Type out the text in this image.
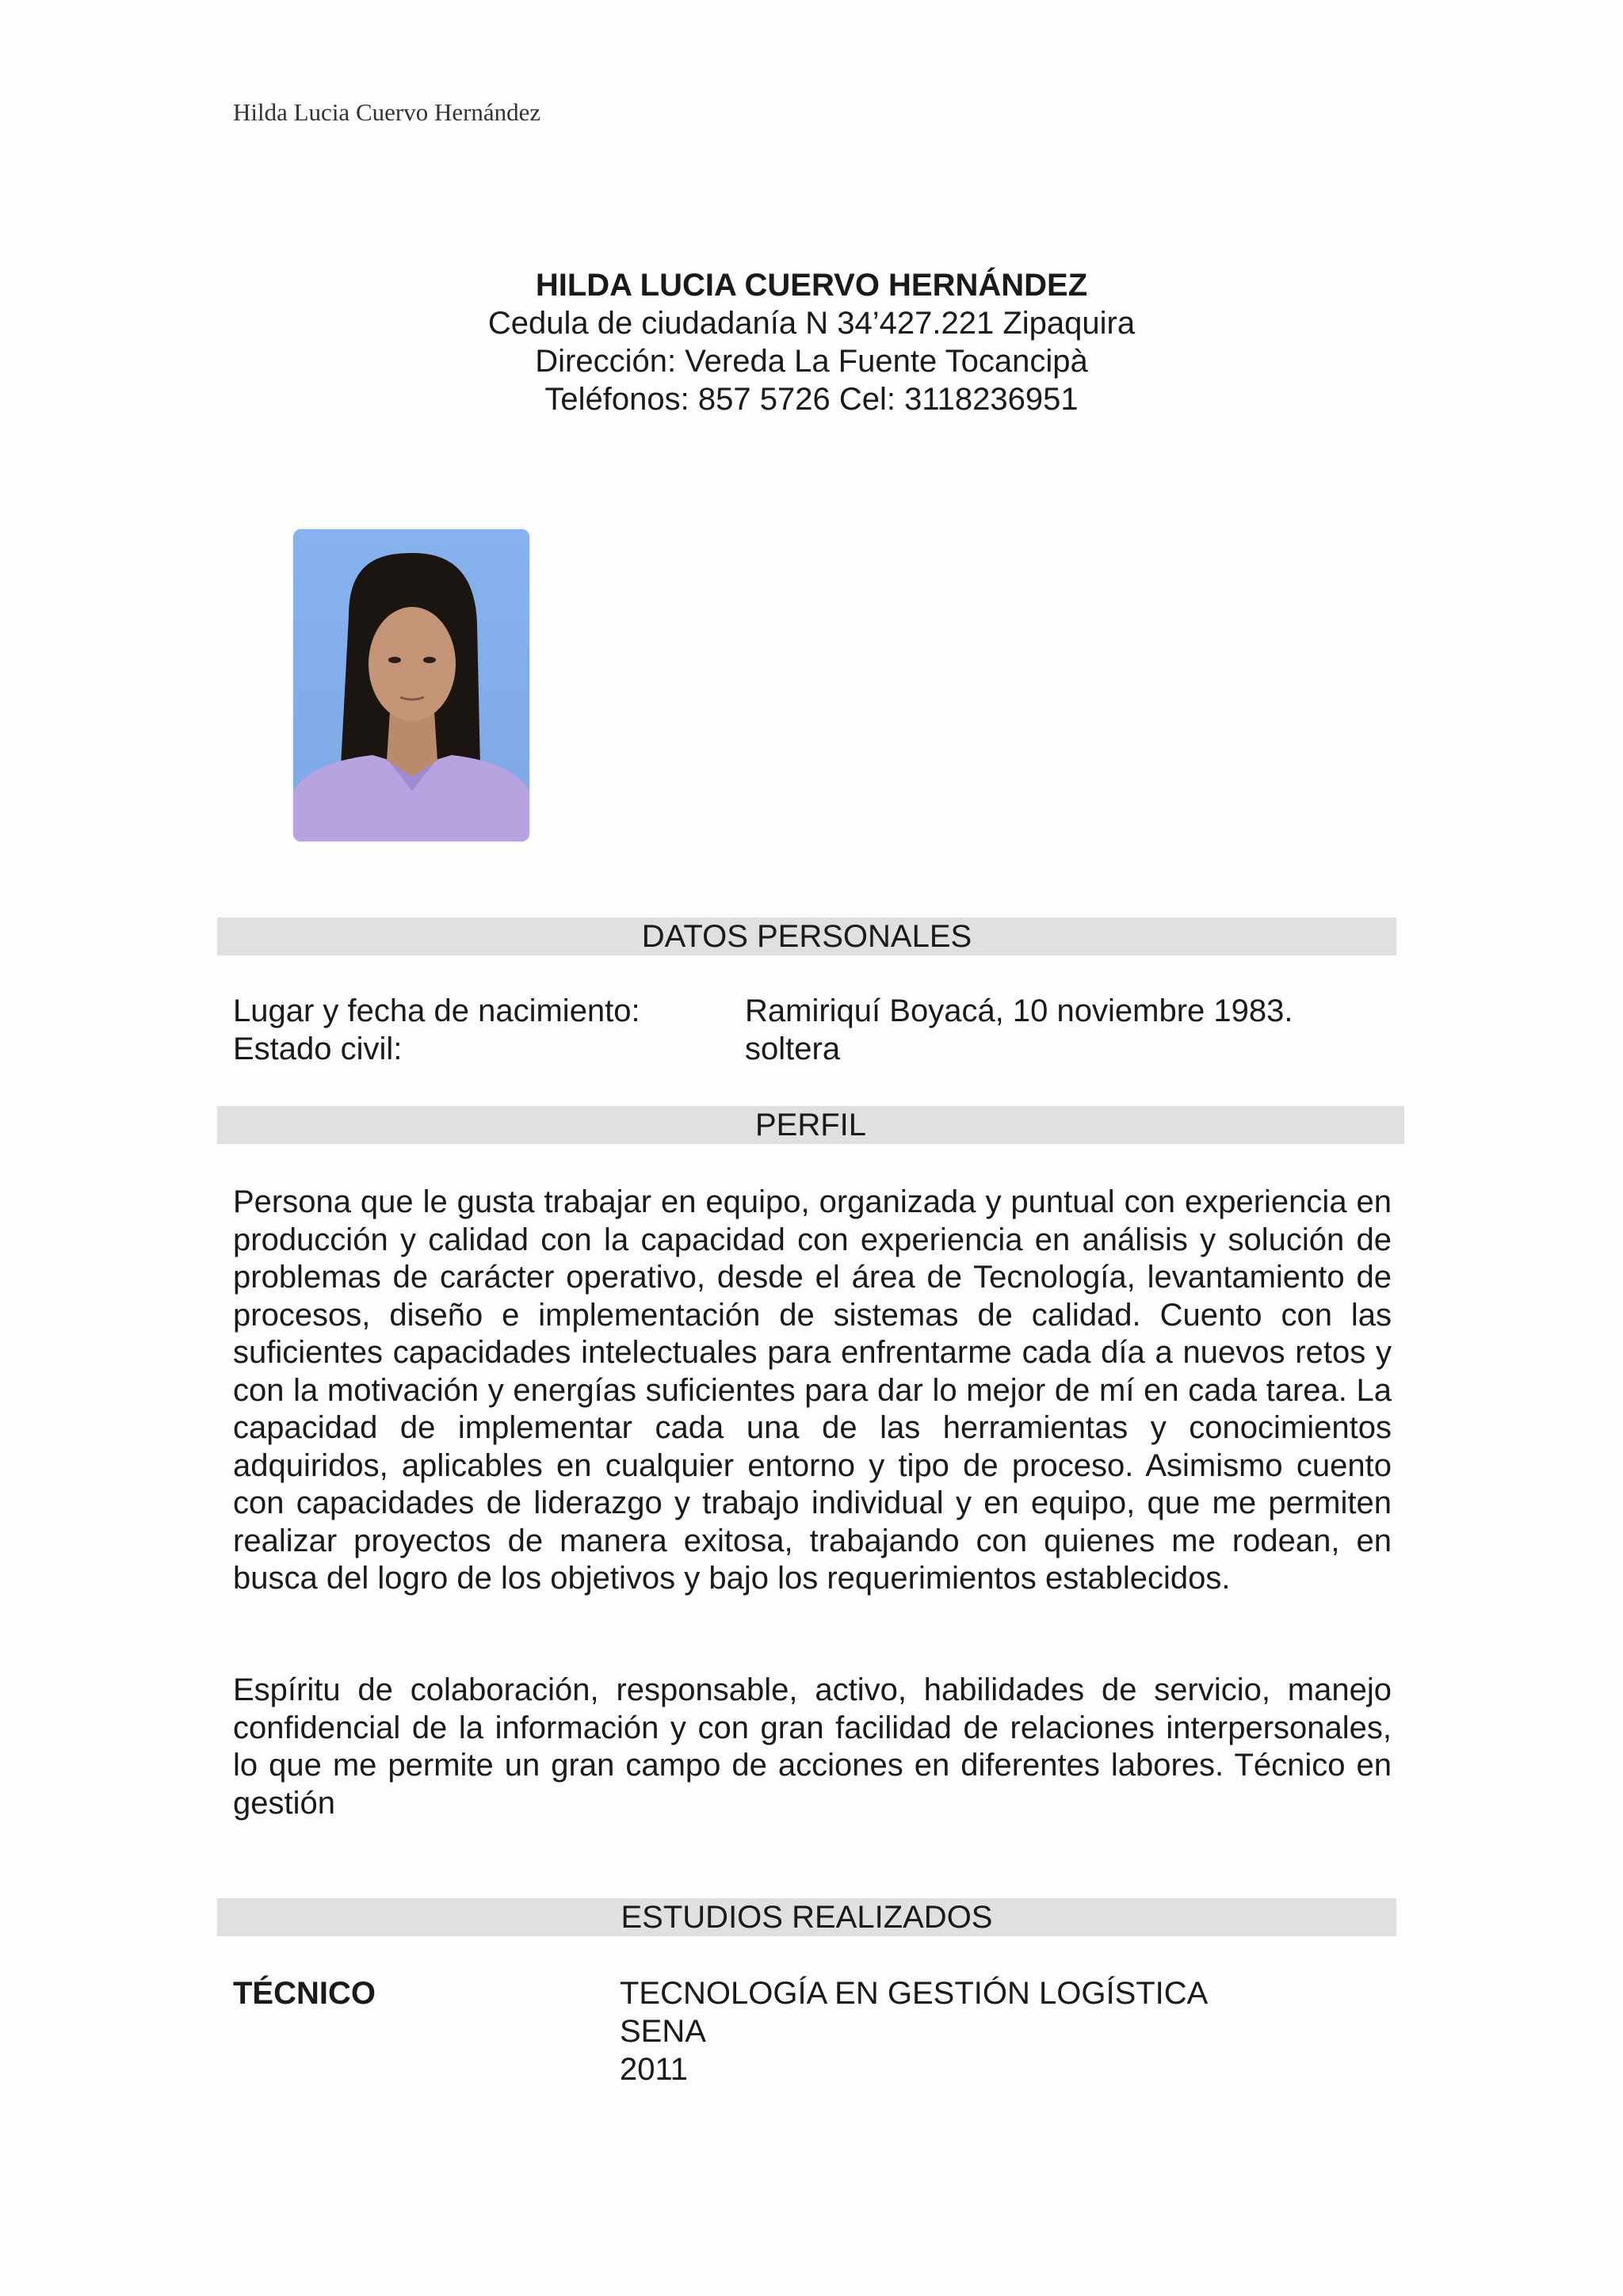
Hilda Lucia Cuervo Hernández
HILDA LUCIA CUERVO HERNÁNDEZ
Cedula de ciudadanía N 34’427.221 Zipaquira
Dirección: Vereda La Fuente Tocancipà
Teléfonos: 857 5726 Cel: 3118236951
DATOS PERSONALES
Lugar y fecha de nacimiento:	Ramiriquí Boyacá, 10 noviembre 1983.
Estado civil:	soltera
PERFIL
Persona que le gusta trabajar en equipo, organizada y puntual con experiencia en producción y calidad con la capacidad con experiencia en análisis y solución de problemas de carácter operativo, desde el área de Tecnología, levantamiento de procesos, diseño e implementación de sistemas de calidad. Cuento con las suficientes capacidades intelectuales para enfrentarme cada día a nuevos retos y con la motivación y energías suficientes para dar lo mejor de mí en cada tarea. La capacidad de implementar cada una de las herramientas y conocimientos adquiridos, aplicables en cualquier entorno y tipo de proceso. Asimismo cuento con capacidades de liderazgo y trabajo individual y en equipo, que me permiten realizar proyectos de manera exitosa, trabajando con quienes me rodean, en busca del logro de los objetivos y bajo los requerimientos establecidos.
Espíritu de colaboración, responsable, activo, habilidades de servicio, manejo confidencial de la información y con gran facilidad de relaciones interpersonales, lo que me permite un gran campo de acciones en diferentes labores. Técnico en gestión
ESTUDIOS REALIZADOS
TÉCNICO	TECNOLOGÍA EN GESTIÓN LOGÍSTICA
SENA
2011
